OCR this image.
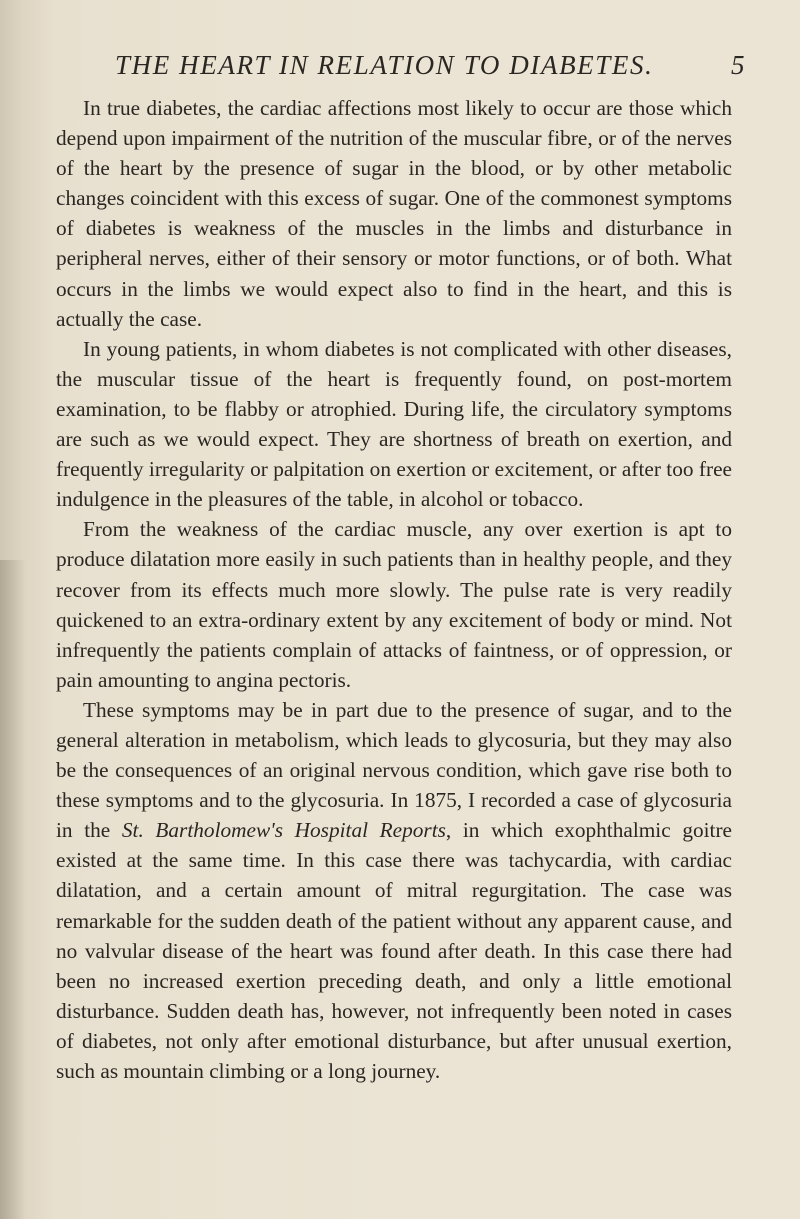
THE HEART IN RELATION TO DIABETES.	5

In true diabetes, the cardiac affections most likely to occur are those which depend upon impairment of the nutrition of the muscular fibre, or of the nerves of the heart by the presence of sugar in the blood, or by other metabolic changes coincident with this excess of sugar. One of the commonest symptoms of diabetes is weakness of the muscles in the limbs and disturbance in peripheral nerves, either of their sensory or motor functions, or of both. What occurs in the limbs we would expect also to find in the heart, and this is actually the case.

In young patients, in whom diabetes is not complicated with other diseases, the muscular tissue of the heart is frequently found, on post-mortem examination, to be flabby or atrophied. During life, the circulatory symptoms are such as we would expect. They are shortness of breath on exertion, and frequently irregularity or palpitation on exertion or excitement, or after too free indulgence in the pleasures of the table, in alcohol or tobacco.

From the weakness of the cardiac muscle, any over exertion is apt to produce dilatation more easily in such patients than in healthy people, and they recover from its effects much more slowly. The pulse rate is very readily quickened to an extra-ordinary extent by any excitement of body or mind. Not infrequently the patients complain of attacks of faintness, or of oppression, or pain amounting to angina pectoris.

These symptoms may be in part due to the presence of sugar, and to the general alteration in metabolism, which leads to glycosuria, but they may also be the consequences of an original nervous condition, which gave rise both to these symptoms and to the glycosuria. In 1875, I recorded a case of glycosuria in the St. Bartholomew's Hospital Reports, in which exophthalmic goitre existed at the same time. In this case there was tachycardia, with cardiac dilatation, and a certain amount of mitral regurgitation. The case was remarkable for the sudden death of the patient without any apparent cause, and no valvular disease of the heart was found after death. In this case there had been no increased exertion preceding death, and only a little emotional disturbance. Sudden death has, however, not infrequently been noted in cases of diabetes, not only after emotional disturbance, but after unusual exertion, such as mountain climbing or a long journey.
